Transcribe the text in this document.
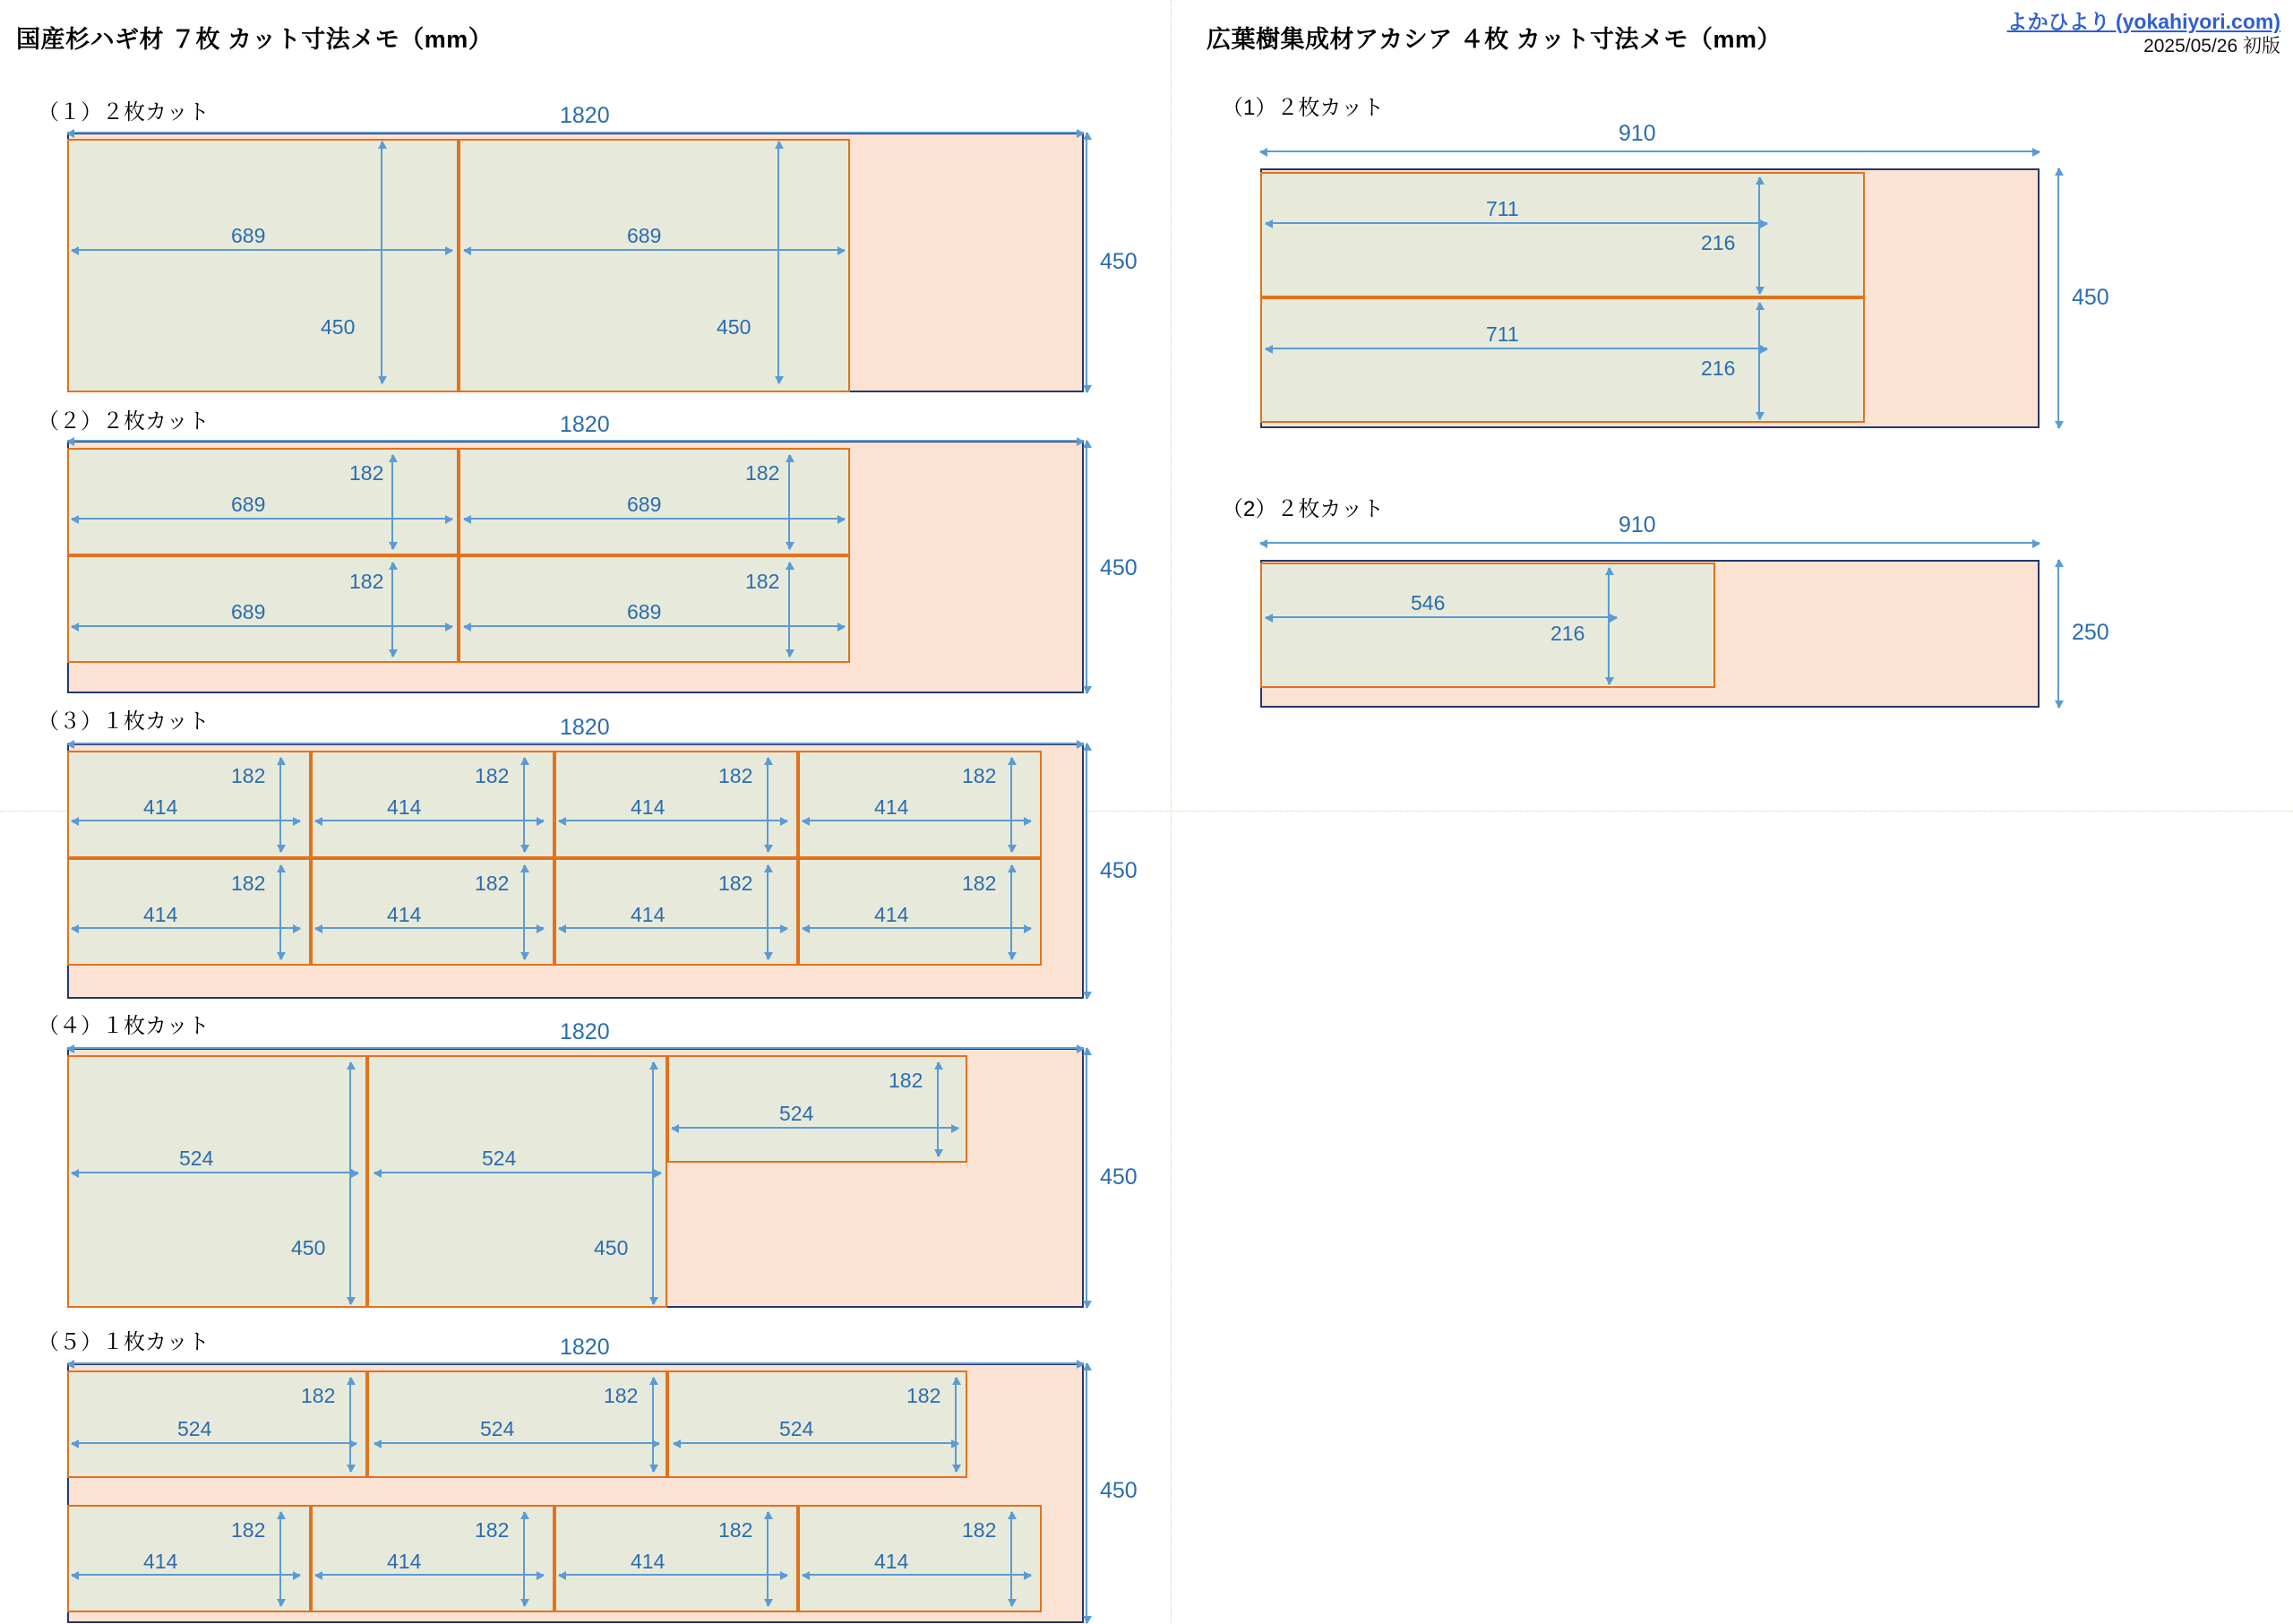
よかひより (yokahiyori.com)
2025/05/26 初版
国産杉ハギ材 ７枚 カット寸法メモ（mm）
（１）２枚カット	1820
450
689
450
689
450
（２）２枚カット	1820
450
182
689
182
689
182
689
182
689
（３）１枚カット	1820
450
182
414
182
414
182
414
182
414
182
414
182
414
182
414
182
414
（４）１枚カット	1820
450
524
450
524
450
182
524
（５）１枚カット	1820
450
182
524
182
524
182
524
182
414
182
414
182
414
182
414
広葉樹集成材アカシア ４枚 カット寸法メモ（mm）
（1）２枚カット
910
450
711
216
711
216
（2）２枚カット
910
250
546
216
